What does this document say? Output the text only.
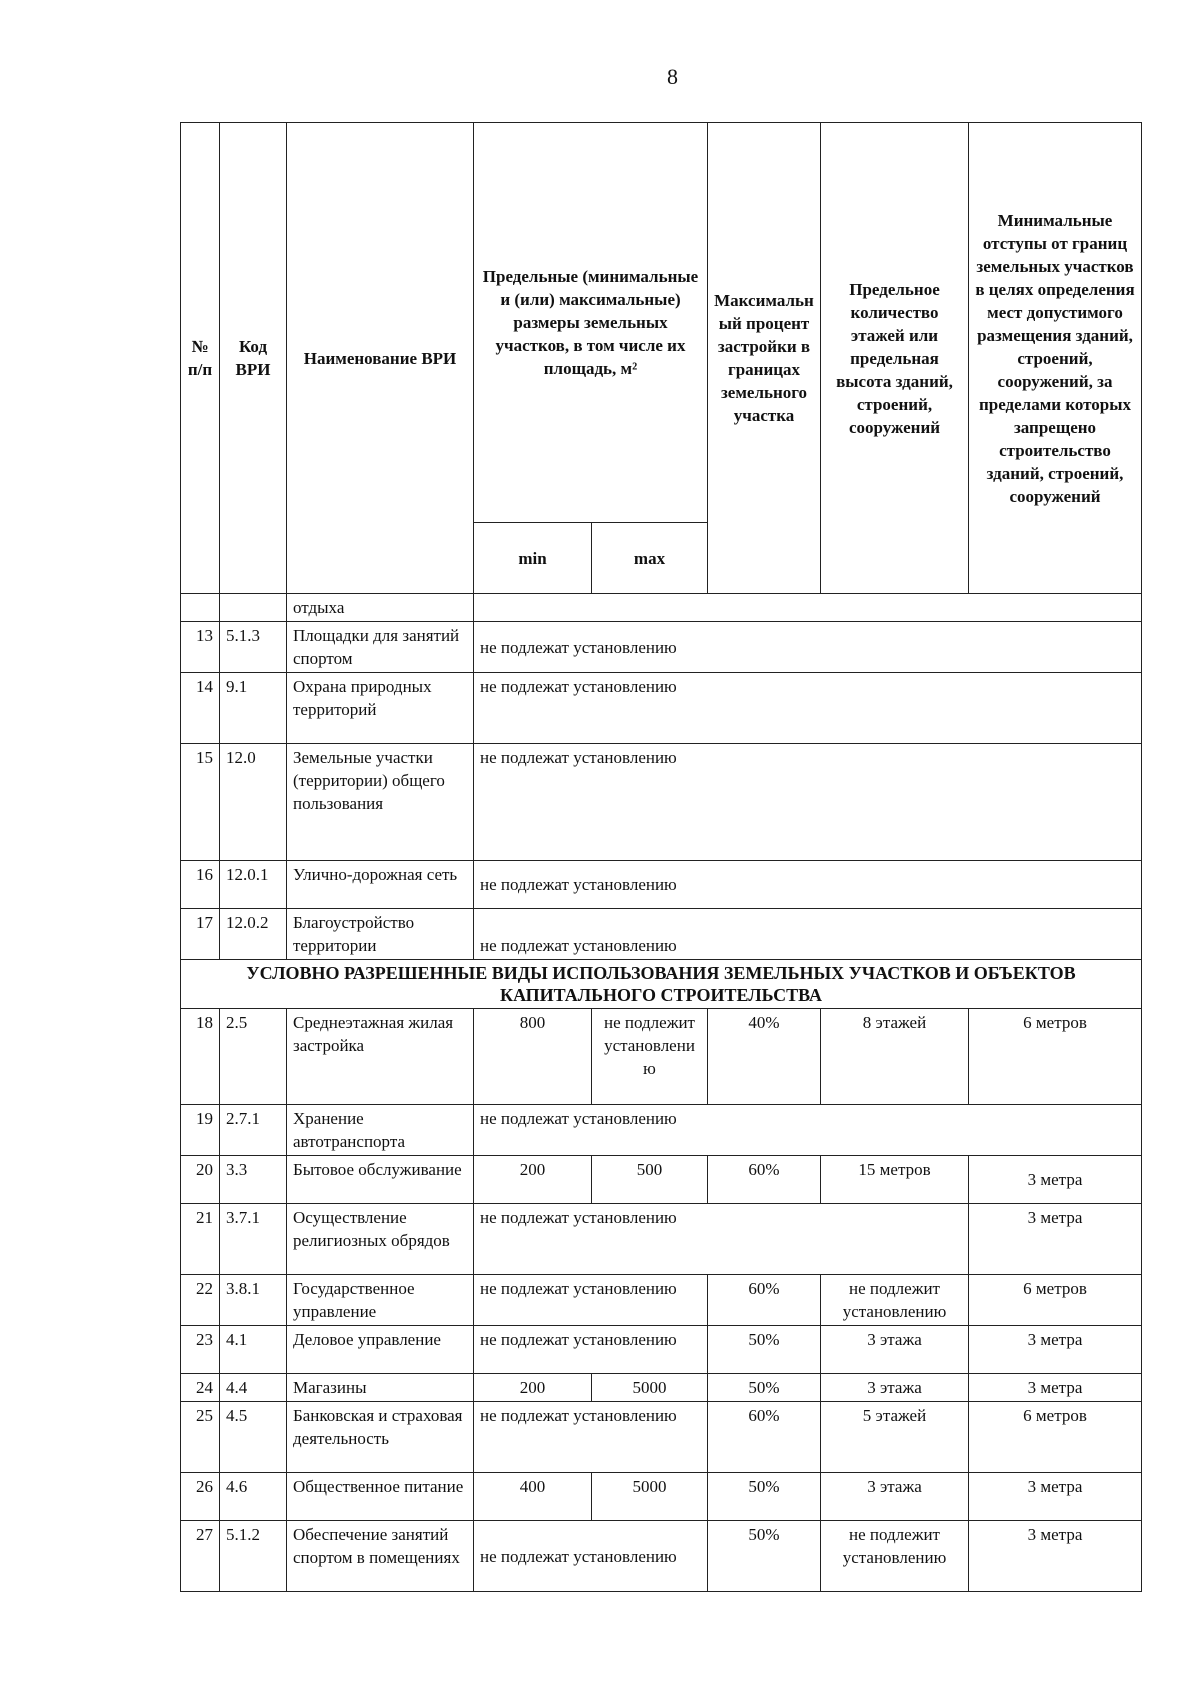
8
№ п/п	Код ВРИ	Наименование ВРИ	Предельные (минимальные и (или) максимальные) размеры земельных участков, в том числе их площадь, м²		Максимальный процент застройки в границах земельного участка	Предельное количество этажей или предельная высота зданий, строений, сооружений	Минимальные отступы от границ земельных участков в целях определения мест допустимого размещения зданий, строений, сооружений, за пределами которых запрещено строительство зданий, строений, сооружений
			min	max			
		отдыха					
13	5.1.3	Площадки для занятий спортом	не подлежат установлению				
14	9.1	Охрана природных территорий	не подлежат установлению				
15	12.0	Земельные участки (территории) общего пользования	не подлежат установлению				
16	12.0.1	Улично-дорожная сеть	не подлежат установлению				
17	12.0.2	Благоустройство территории	не подлежат установлению				
УСЛОВНО РАЗРЕШЕННЫЕ ВИДЫ ИСПОЛЬЗОВАНИЯ ЗЕМЕЛЬНЫХ УЧАСТКОВ И ОБЪЕКТОВ КАПИТАЛЬНОГО СТРОИТЕЛЬСТВА							
18	2.5	Среднеэтажная жилая застройка	800	не подлежит установлению	40%	8 этажей	6 метров
19	2.7.1	Хранение автотранспорта	не подлежат установлению				
20	3.3	Бытовое обслуживание	200	500	60%	15 метров	3 метра
21	3.7.1	Осуществление религиозных обрядов	не подлежат установлению				3 метра
22	3.8.1	Государственное управление	не подлежат установлению		60%	не подлежит установлению	6 метров
23	4.1	Деловое управление	не подлежат установлению		50%	3 этажа	3 метра
24	4.4	Магазины	200	5000	50%	3 этажа	3 метра
25	4.5	Банковская и страховая деятельность	не подлежат установлению		60%	5 этажей	6 метров
26	4.6	Общественное питание	400	5000	50%	3 этажа	3 метра
27	5.1.2	Обеспечение занятий спортом в помещениях	не подлежат установлению		50%	не подлежит установлению	3 метра
